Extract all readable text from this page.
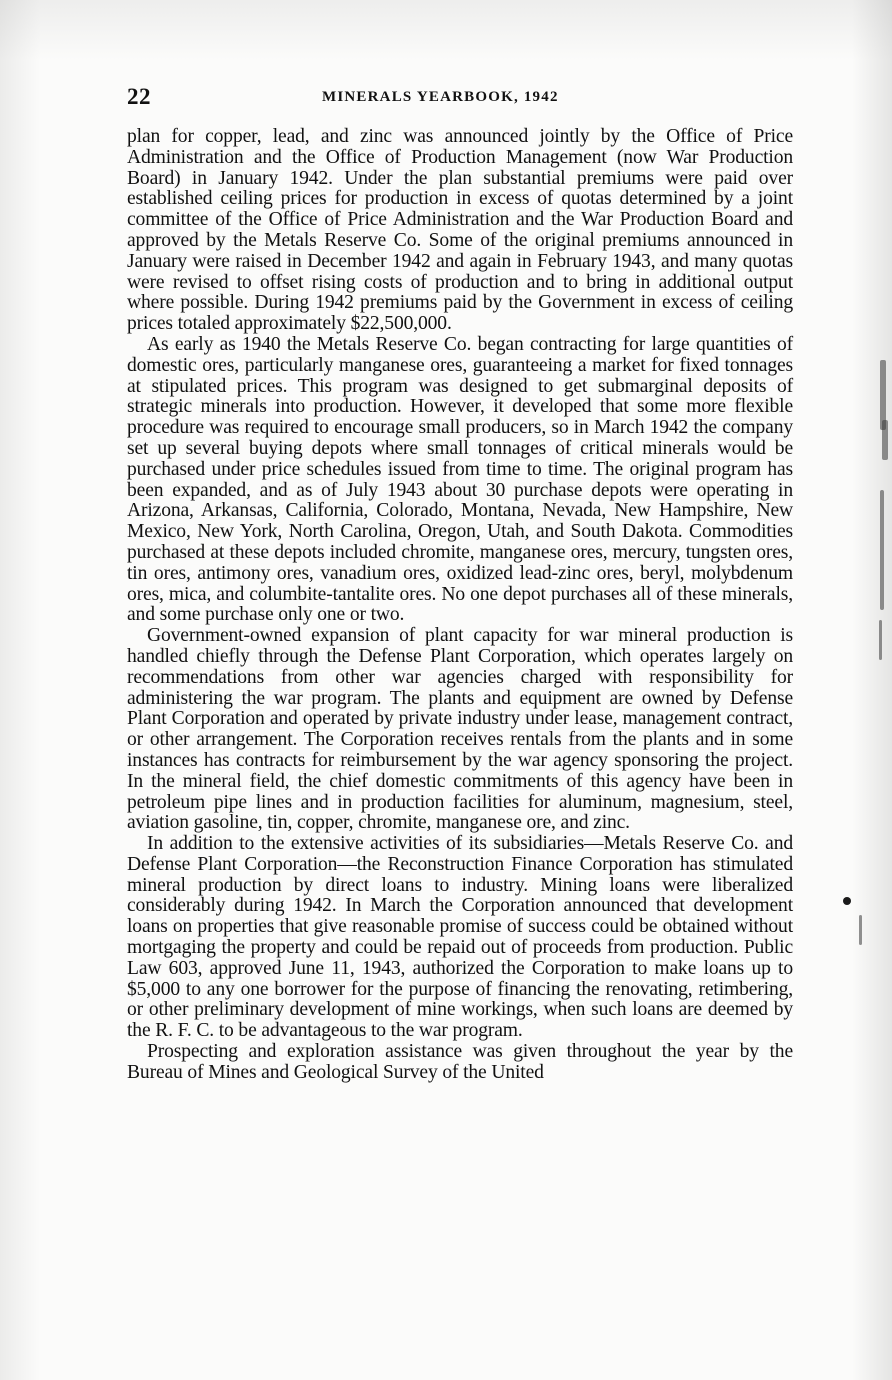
22	MINERALS YEARBOOK, 1942

plan for copper, lead, and zinc was announced jointly by the Office of Price Administration and the Office of Production Management (now War Production Board) in January 1942. Under the plan substantial premiums were paid over established ceiling prices for production in excess of quotas determined by a joint committee of the Office of Price Administration and the War Production Board and approved by the Metals Reserve Co. Some of the original premiums announced in January were raised in December 1942 and again in February 1943, and many quotas were revised to offset rising costs of production and to bring in additional output where possible. During 1942 premiums paid by the Government in excess of ceiling prices totaled approximately $22,500,000.

As early as 1940 the Metals Reserve Co. began contracting for large quantities of domestic ores, particularly manganese ores, guaranteeing a market for fixed tonnages at stipulated prices. This program was designed to get submarginal deposits of strategic minerals into production. However, it developed that some more flexible procedure was required to encourage small producers, so in March 1942 the company set up several buying depots where small tonnages of critical minerals would be purchased under price schedules issued from time to time. The original program has been expanded, and as of July 1943 about 30 purchase depots were operating in Arizona, Arkansas, California, Colorado, Montana, Nevada, New Hampshire, New Mexico, New York, North Carolina, Oregon, Utah, and South Dakota. Commodities purchased at these depots included chromite, manganese ores, mercury, tungsten ores, tin ores, antimony ores, vanadium ores, oxidized lead-zinc ores, beryl, molybdenum ores, mica, and columbite-tantalite ores. No one depot purchases all of these minerals, and some purchase only one or two.

Government-owned expansion of plant capacity for war mineral production is handled chiefly through the Defense Plant Corporation, which operates largely on recommendations from other war agencies charged with responsibility for administering the war program. The plants and equipment are owned by Defense Plant Corporation and operated by private industry under lease, management contract, or other arrangement. The Corporation receives rentals from the plants and in some instances has contracts for reimbursement by the war agency sponsoring the project. In the mineral field, the chief domestic commitments of this agency have been in petroleum pipe lines and in production facilities for aluminum, magnesium, steel, aviation gasoline, tin, copper, chromite, manganese ore, and zinc.

In addition to the extensive activities of its subsidiaries—Metals Reserve Co. and Defense Plant Corporation—the Reconstruction Finance Corporation has stimulated mineral production by direct loans to industry. Mining loans were liberalized considerably during 1942. In March the Corporation announced that development loans on properties that give reasonable promise of success could be obtained without mortgaging the property and could be repaid out of proceeds from production. Public Law 603, approved June 11, 1943, authorized the Corporation to make loans up to $5,000 to any one borrower for the purpose of financing the renovating, retimbering, or other preliminary development of mine workings, when such loans are deemed by the R. F. C. to be advantageous to the war program.

Prospecting and exploration assistance was given throughout the year by the Bureau of Mines and Geological Survey of the United
